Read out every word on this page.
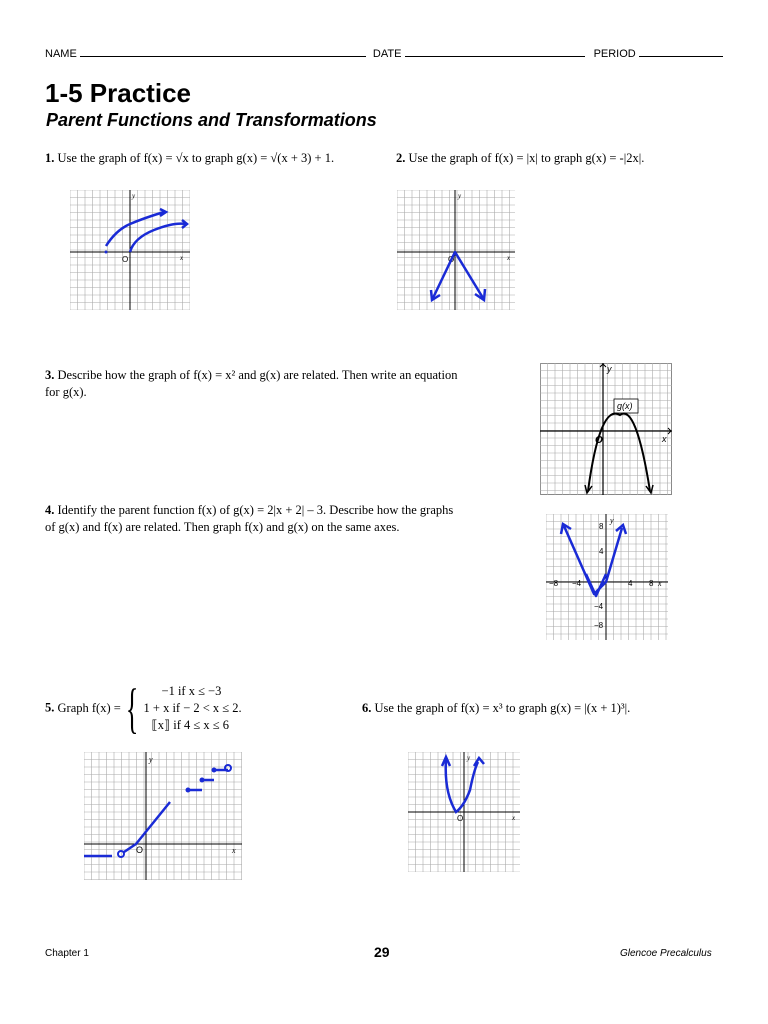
NAME	DATE	PERIOD
1-5 Practice
Parent Functions and Transformations
1. Use the graph of f(x) = √x to graph g(x) = √(x + 3) + 1.	2. Use the graph of f(x) = |x| to graph g(x) = -|2x|.
3. Describe how the graph of f(x) = x² and g(x) are related. Then write an equation for g(x).
4. Identify the parent function f(x) of g(x) = 2|x + 2| – 3. Describe how the graphs of g(x) and f(x) are related. Then graph f(x) and g(x) on the same axes.
5. Graph f(x) = {	−1 if x ≤ −3
1 + x if − 2 < x ≤ 2.
⟦x⟧ if 4 ≤ x ≤ 6
6. Use the graph of f(x) = x³ to graph g(x) = |(x + 1)³|.
O	x
y
O	x
y
O	x
y
g(x)
8
4
−4
−8
−8 −4	4 8 x
y
O	x
y
O	x
y
Chapter 1	29	Glencoe Precalculus
